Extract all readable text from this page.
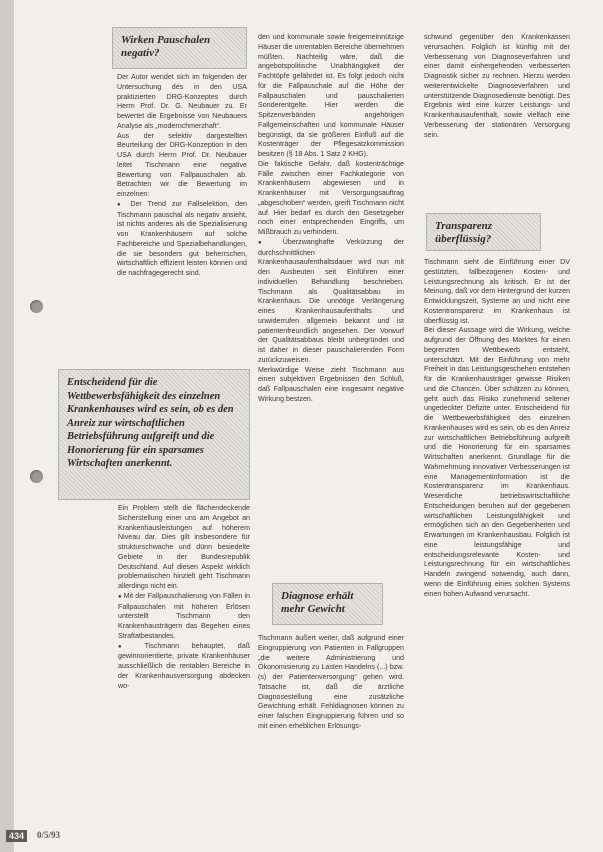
Wirken Pauschalen negativ?

Der Autor wendet sich im folgenden der Untersuchung des in den USA praktizierten DRG-Konzeptes durch Herrn Prof. Dr. G. Neubauer zu. Er bewertet die Ergebnisse von Neubauers Analyse als „modernchmerzhaft“.

Aus der selektiv dargestellten Beurteilung der DRG-Konzeption in den USA durch Herrn Prof. Dr. Neubauer leitet Tischmann eine negative Bewertung von Fallpauschalen ab. Betrachten wir die Bewertung im einzelnen:

● Der Trend zur Fallselektion, den Tischmann pauschal als negativ ansieht, ist nichts anderes als die Spezialisierung von Krankenhäusern auf solche Fachbereiche und Spezialbehandlungen, die sie besonders gut beherrschen, wirtschaftlich effizient leisten können und die nachfragegerecht sind.

Entscheidend für die Wettbewerbsfähigkeit des einzelnen Krankenhauses wird es sein, ob es den Anreiz zur wirtschaftlichen Betriebsführung aufgreift und die Honorierung für ein sparsames Wirtschaften anerkennt.

Ein Problem stellt die flächendeckende Sicherstellung einer uns am Angebot an Krankenhausleistungen auf höherem Niveau dar. Dies gilt insbesondere für strukturschwache und dünn besiedelte Gebiete in der Bundesrepublik Deutschland. Auf diesen Aspekt wirklich problematischen hinzielt geht Tischmann allerdings nicht ein.

● Mit der Fallpauschalierung von Fällen in Fallpauschalen mit höheren Erlösen unterstellt Tischmann den Krankenhausträgern das Begehen eines Straftatbestandes.

● Tischmann behauptet, daß gewinnorientierte, private Krankenhäuser ausschließlich die rentablen Bereiche in der Krankenhausversorgung abdecken wo-

den und kommunale sowie freigemeinnützige Häuser die unrentablen Bereiche übernehmen müßten. Nachteilig wäre, daß die angebotspolitische Unabhängigkeit der Fachtöpfe gefährdet ist. Es folgt jedoch nicht für die Fallpauschale auf die Höhe der Fallpauschalen und pauschalierten Sonderentgelte. Hier werden die Spitzenverbänden angehörigen Fallgemeinschaften und kommunale Häuser begünstigt, da sie größeren Einfluß auf die Kostenträger der Pflegesatzkommission besitzen (§ 18 Abs. 1 Satz 2 KHG).

Die faktische Gefahr, daß kostenträchtige Fälle zwischen einer Fachkategorie von Krankenhäusern abgewiesen und in Krankenhäuser mit Versorgungsauftrag „abgeschoben“ werden, greift Tischmann nicht auf. Hier bedarf es durch den Gesetzgeber noch einer entsprechenden Eingriffs, um Mißbrauch zu verhindern.

● Überzwanghafte Verkürzung der durchschnittlichen Krankenhausaufenthaltsdauer wird nun mit den Ausbeuten seit Einführen einer individuellen Behandlung beschrieben. Tischmann als Qualitätsabbau im Krankenhaus. Die unnötige Verlängerung eines Krankenhausaufenthalts und unwiderrufen allgemein bekannt und ist patientenfreundlich angesehen. Der Vorwurf der Qualitätsabbaus bleibt unbegründet und ist daher in dieser pauschalierenden Form zurückzuweisen.

Merkwürdige Weise zieht Tischmann aus einen subjektiven Ergebnissen den Schluß, daß Fallpauschalen eine insgesamt negative Wirkung bestzen.

Diagnose erhält mehr Gewicht

Tischmann äußert weiter, daß aufgrund einer Eingruppierung von Patienten in Fallgruppen „die weitere Administrierung und Ökonomisierung zu Lasten Handelns (...) bzw. (s) der Patientenversorgung“ gehen wird. Tatsache ist, daß die ärztliche Diagnosestellung eine zusätzliche Gewichtung erhält. Fehldiagnosen können zu einer falschen Eingruppierung führen und so mit einen erheblichen Erlösungs-

schwund gegenüber den Krankenkassen verursachen. Folglich ist künftig mit der Verbesserung von Diagnoseverfahren und einer damit einhergehenden verbesserten Diagnostik sicher zu rechnen. Hierzu werden weiterentwickelte Diagnoseverfahren und unterstützende Diagnosedienste benötigt. Des Ergebnis wird eine kurzer Leistungs- und Krankenhausaufenthalt, sowie vielfach eine Verbesserung der stationären Versorgung sein.

Transparenz überflüssig?

Tischmann sieht die Einführung einer DV gestützten, fallbezogenen Kosten- und Leistungsrechnung als kritisch. Er ist der Meinung, daß vor dem Hintergrund der kurzen Entwicklungszeit, Systeme an und nicht eine Kostentransparenz im Krankenhaus ist überflüssig ist.

Bei dieser Aussage wird die Wirkung, welche aufgrund der Öffnung des Marktes für einen begrenzten Wettbewerb entsteht, unterschätzt. Mit der Einführung von mehr Freiheit in das Leistungsgeschehen entstehen für die Krankenhausträger gewisse Risiken und die Chancen. Über schätzen zu können, geht auch das Risiko zunehmend seltener ungedeckter Defizite unter. Entscheidend für die Wettbewerbsfähigkeit des einzelnen Krankenhauses wird es sein, ob es den Anreiz zur wirtschaftlichen Betriebsführung aufgreift und die Honorierung für ein sparsames Wirtschaften anerkennt. Grundlage für die Wahrnehmung innovativer Verbesserungen ist eine Managementinformation ist die Kostentransparenz im Krankenhaus. Wesentliche betriebswirtschaftliche Entscheidungen beruhen auf der gegebenen wirtschaftlichen Leistungsfähigkeit und ermöglichen sich an den Gegebenheiten und Erwartungen im Krankenhausbau. Folglich ist eine leistungsfähige und entscheidungsrelevante Kosten- und Leistungsrechnung für ein wirtschaftliches Handeln zwingend notwendig, auch dann, wenn die Einführung eines solchen Systems einen hohen Aufwand verursacht.

434	0/5/93
